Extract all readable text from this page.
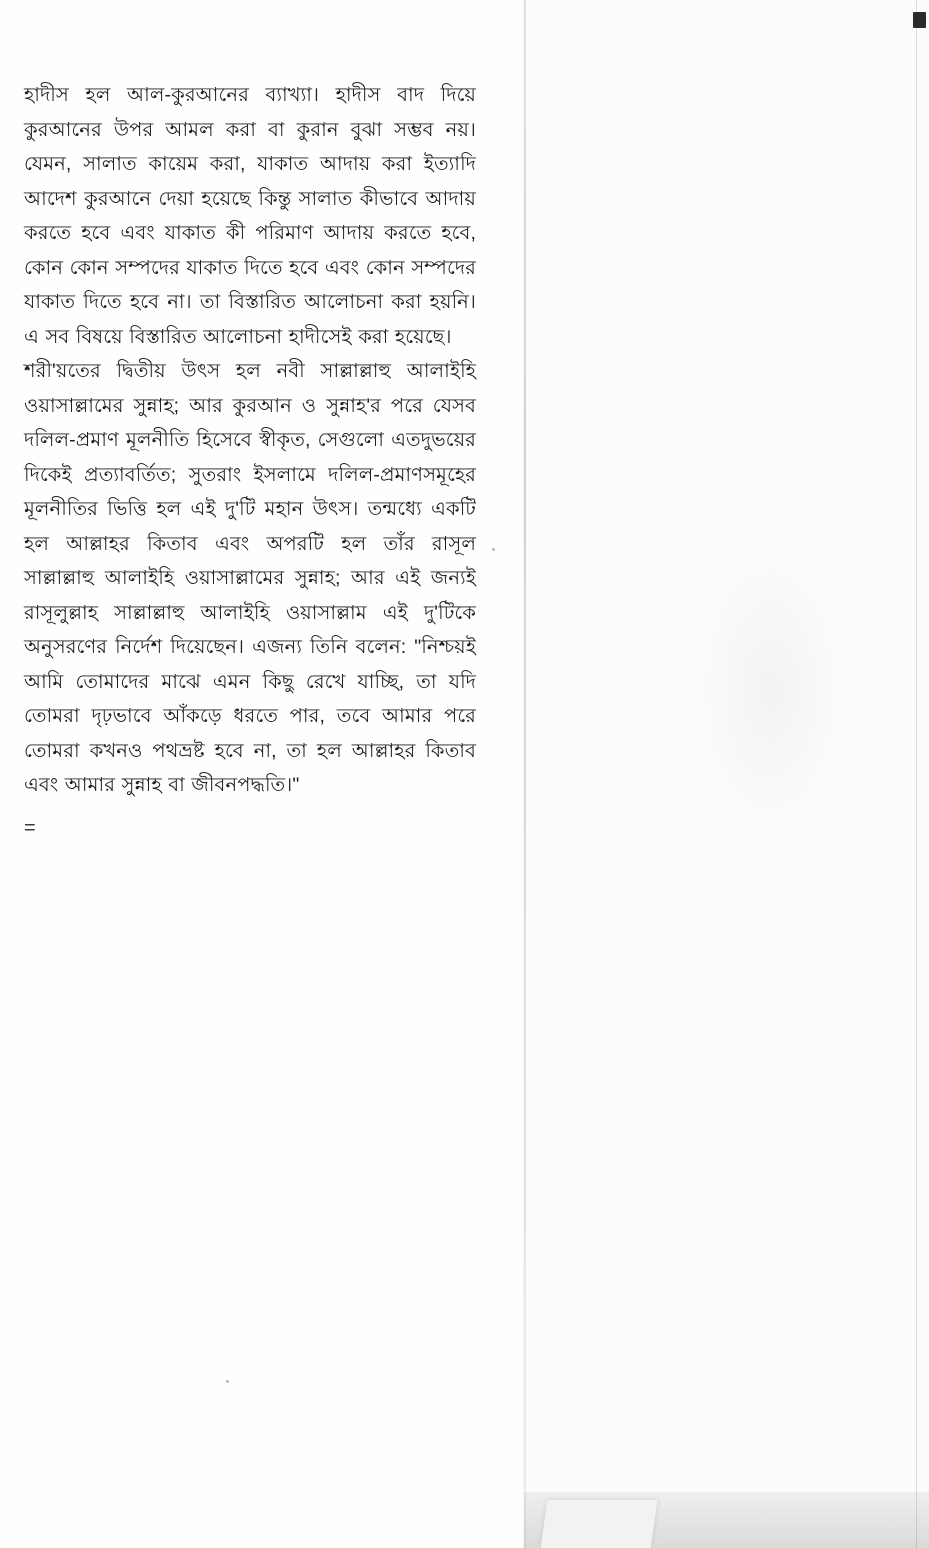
হাদীস হল আল-কুরআনের ব্যাখ্যা। হাদীস বাদ দিয়ে কুরআনের উপর আমল করা বা কুরান বুঝা সম্ভব নয়। যেমন, সালাত কায়েম করা, যাকাত আদায় করা ইত্যাদি আদেশ কুরআনে দেয়া হয়েছে কিন্তু সালাত কীভাবে আদায় করতে হবে এবং যাকাত কী পরিমাণ আদায় করতে হবে, কোন কোন সম্পদের যাকাত দিতে হবে এবং কোন সম্পদের যাকাত দিতে হবে না। তা বিস্তারিত আলোচনা করা হয়নি। এ সব বিষয়ে বিস্তারিত আলোচনা হাদীসেই করা হয়েছে।

শরী'য়তের দ্বিতীয় উৎস হল নবী সাল্লাল্লাহু আলাইহি ওয়াসাল্লামের সুন্নাহ; আর কুরআন ও সুন্নাহ'র পরে যেসব দলিল-প্রমাণ মূলনীতি হিসেবে স্বীকৃত, সেগুলো এতদুভয়ের দিকেই প্রত্যাবর্তিত; সুতরাং ইসলামে দলিল-প্রমাণসমূহের মূলনীতির ভিত্তি হল এই দু'টি মহান উৎস। তন্মধ্যে একটি হল আল্লাহর কিতাব এবং অপরটি হল তাঁর রাসূল সাল্লাল্লাহু আলাইহি ওয়াসাল্লামের সুন্নাহ; আর এই জন্যই রাসূলুল্লাহ সাল্লাল্লাহু আলাইহি ওয়াসাল্লাম এই দু'টিকে অনুসরণের নির্দেশ দিয়েছেন। এজন্য তিনি বলেন: "নিশ্চয়ই আমি তোমাদের মাঝে এমন কিছু রেখে যাচ্ছি, তা যদি তোমরা দৃঢ়ভাবে আঁকড়ে ধরতে পার, তবে আমার পরে তোমরা কখনও পথভ্রষ্ট হবে না, তা হল আল্লাহর কিতাব এবং আমার সুন্নাহ বা জীবনপদ্ধতি।"

=
